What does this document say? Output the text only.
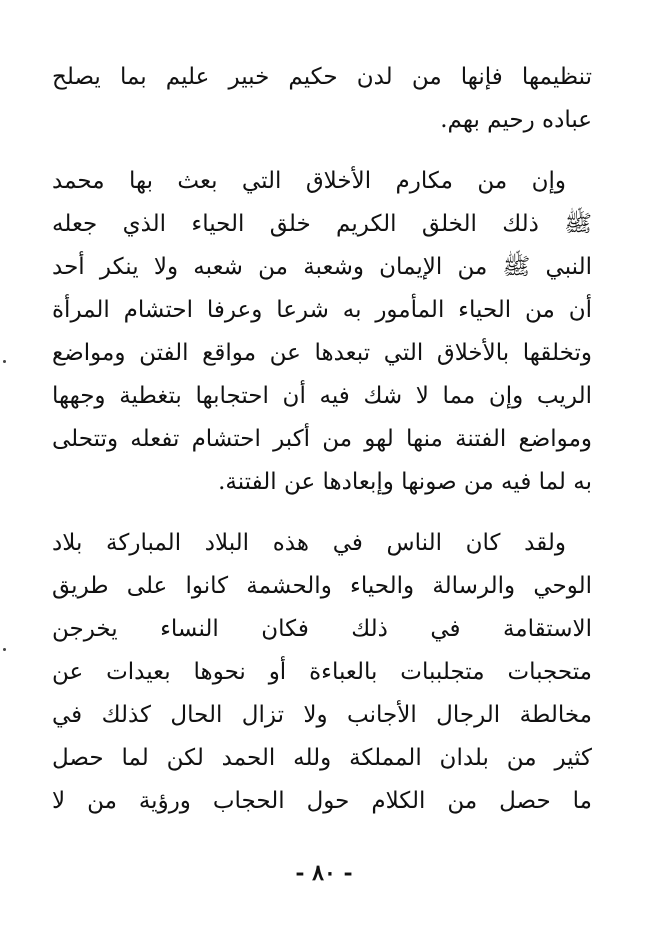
تنظيمها فإنها من لدن حكيم خبير عليم بما يصلح
عباده رحيم بهم.
وإن من مكارم الأخلاق التي بعث بها محمد
ﷺ ذلك الخلق الكريم خلق الحياء الذي جعله
النبي ﷺ من الإيمان وشعبة من شعبه ولا ينكر أحد
أن من الحياء المأمور به شرعا وعرفا احتشام المرأة
وتخلقها بالأخلاق التي تبعدها عن مواقع الفتن ومواضع
الريب وإن مما لا شك فيه أن احتجابها بتغطية وجهها
ومواضع الفتنة منها لهو من أكبر احتشام تفعله وتتحلى
به لما فيه من صونها وإبعادها عن الفتنة.
ولقد كان الناس في هذه البلاد المباركة بلاد
الوحي والرسالة والحياء والحشمة كانوا على طريق
الاستقامة في ذلك فكان النساء يخرجن
متحجبات متجلببات بالعباءة أو نحوها بعيدات عن
مخالطة الرجال الأجانب ولا تزال الحال كذلك في
كثير من بلدان المملكة ولله الحمد لكن لما حصل
ما حصل من الكلام حول الحجاب ورؤية من لا
- ٨٠ -
